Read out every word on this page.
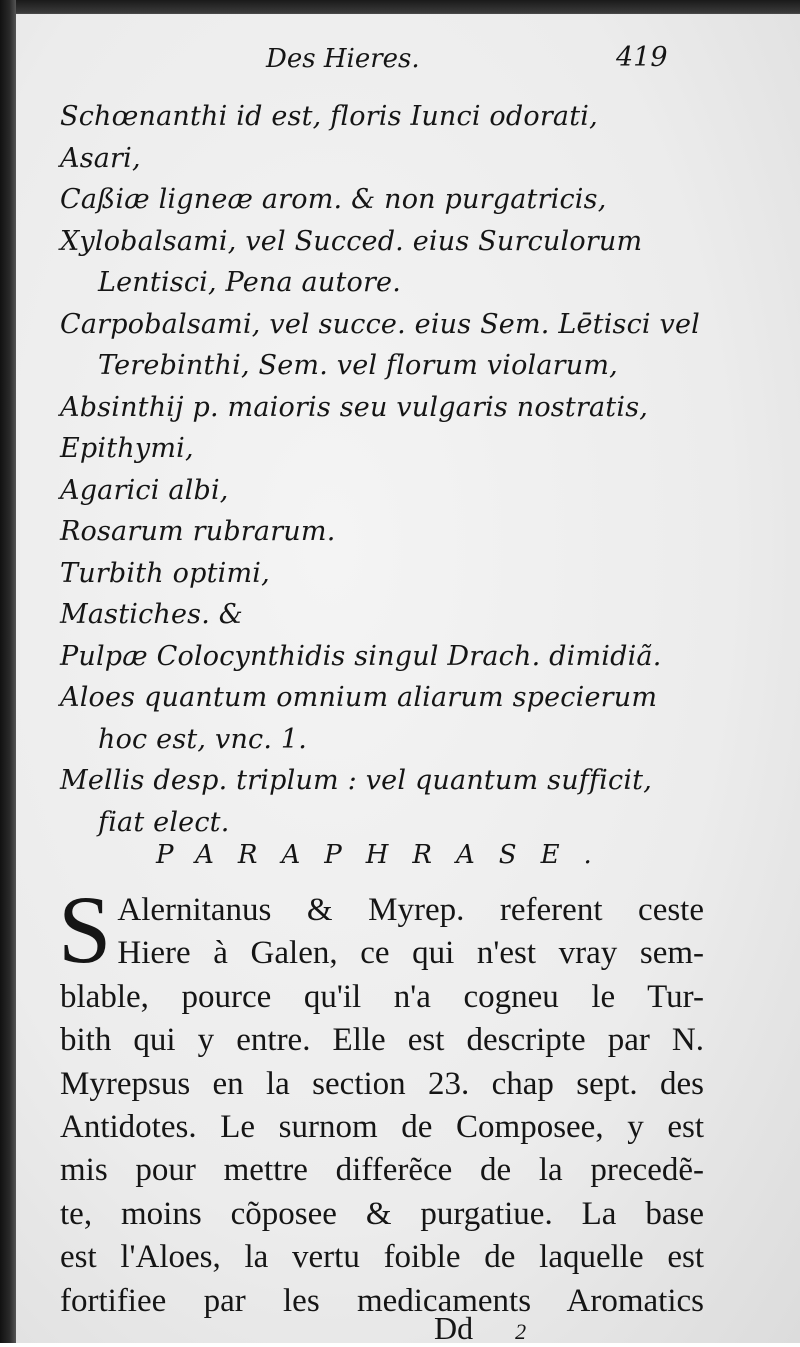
Des Hieres.	419
Schœnanthi id est, floris Iunci odorati,
Asari,
Caßiæ ligneæ arom. & non purgatricis,
Xylobalsami, vel Succed. eius Surculorum
Lentisci, Pena autore.
Carpobalsami, vel succe. eius Sem. Lētisci vel
Terebinthi, Sem. vel florum violarum,
Absinthij p. maioris seu vulgaris nostratis,
Epithymi,
Agarici albi,
Rosarum rubrarum.
Turbith optimi,
Mastiches. &
Pulpæ Colocynthidis singul Drach. dimidiã.
Aloes quantum omnium aliarum specierum
hoc est, vnc. 1.
Mellis desp. triplum : vel quantum sufficit,
fiat elect.
PARAPHRASE.
S Alernitanus & Myrep. referent ceste
Hiere à Galen, ce qui n'est vray sem-
blable, pource qu'il n'a cogneu le Tur-
bith qui y entre. Elle est descripte par N.
Myrepsus en la section 23. chap sept. des
Antidotes. Le surnom de Composee, y est
mis pour mettre differẽce de la precedẽ-
te, moins cõposee & purgatiue. La base
est l'Aloes, la vertu foible de laquelle est
fortifiee par les medicaments Aromatics
Dd 2
